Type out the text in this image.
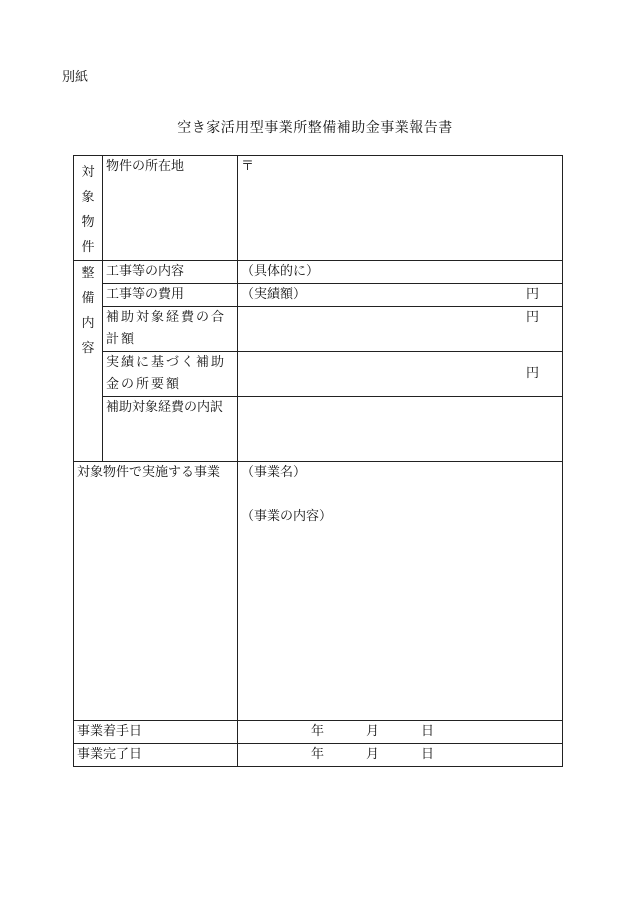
別紙
空き家活用型事業所整備補助金事業報告書
対
象
物
件	物件の所在地	〒

整
備
内
容	工事等の内容	（具体的に）
	工事等の費用	（実績額） 円

	補助対象経費の合計額	円

	実績に基づく補助金の所要額	円

	補助対象経費の内訳	
対象物件で実施する事業		（事業名）
（事業の内容）

事業着手日		年 月 日

事業完了日		年 月 日
